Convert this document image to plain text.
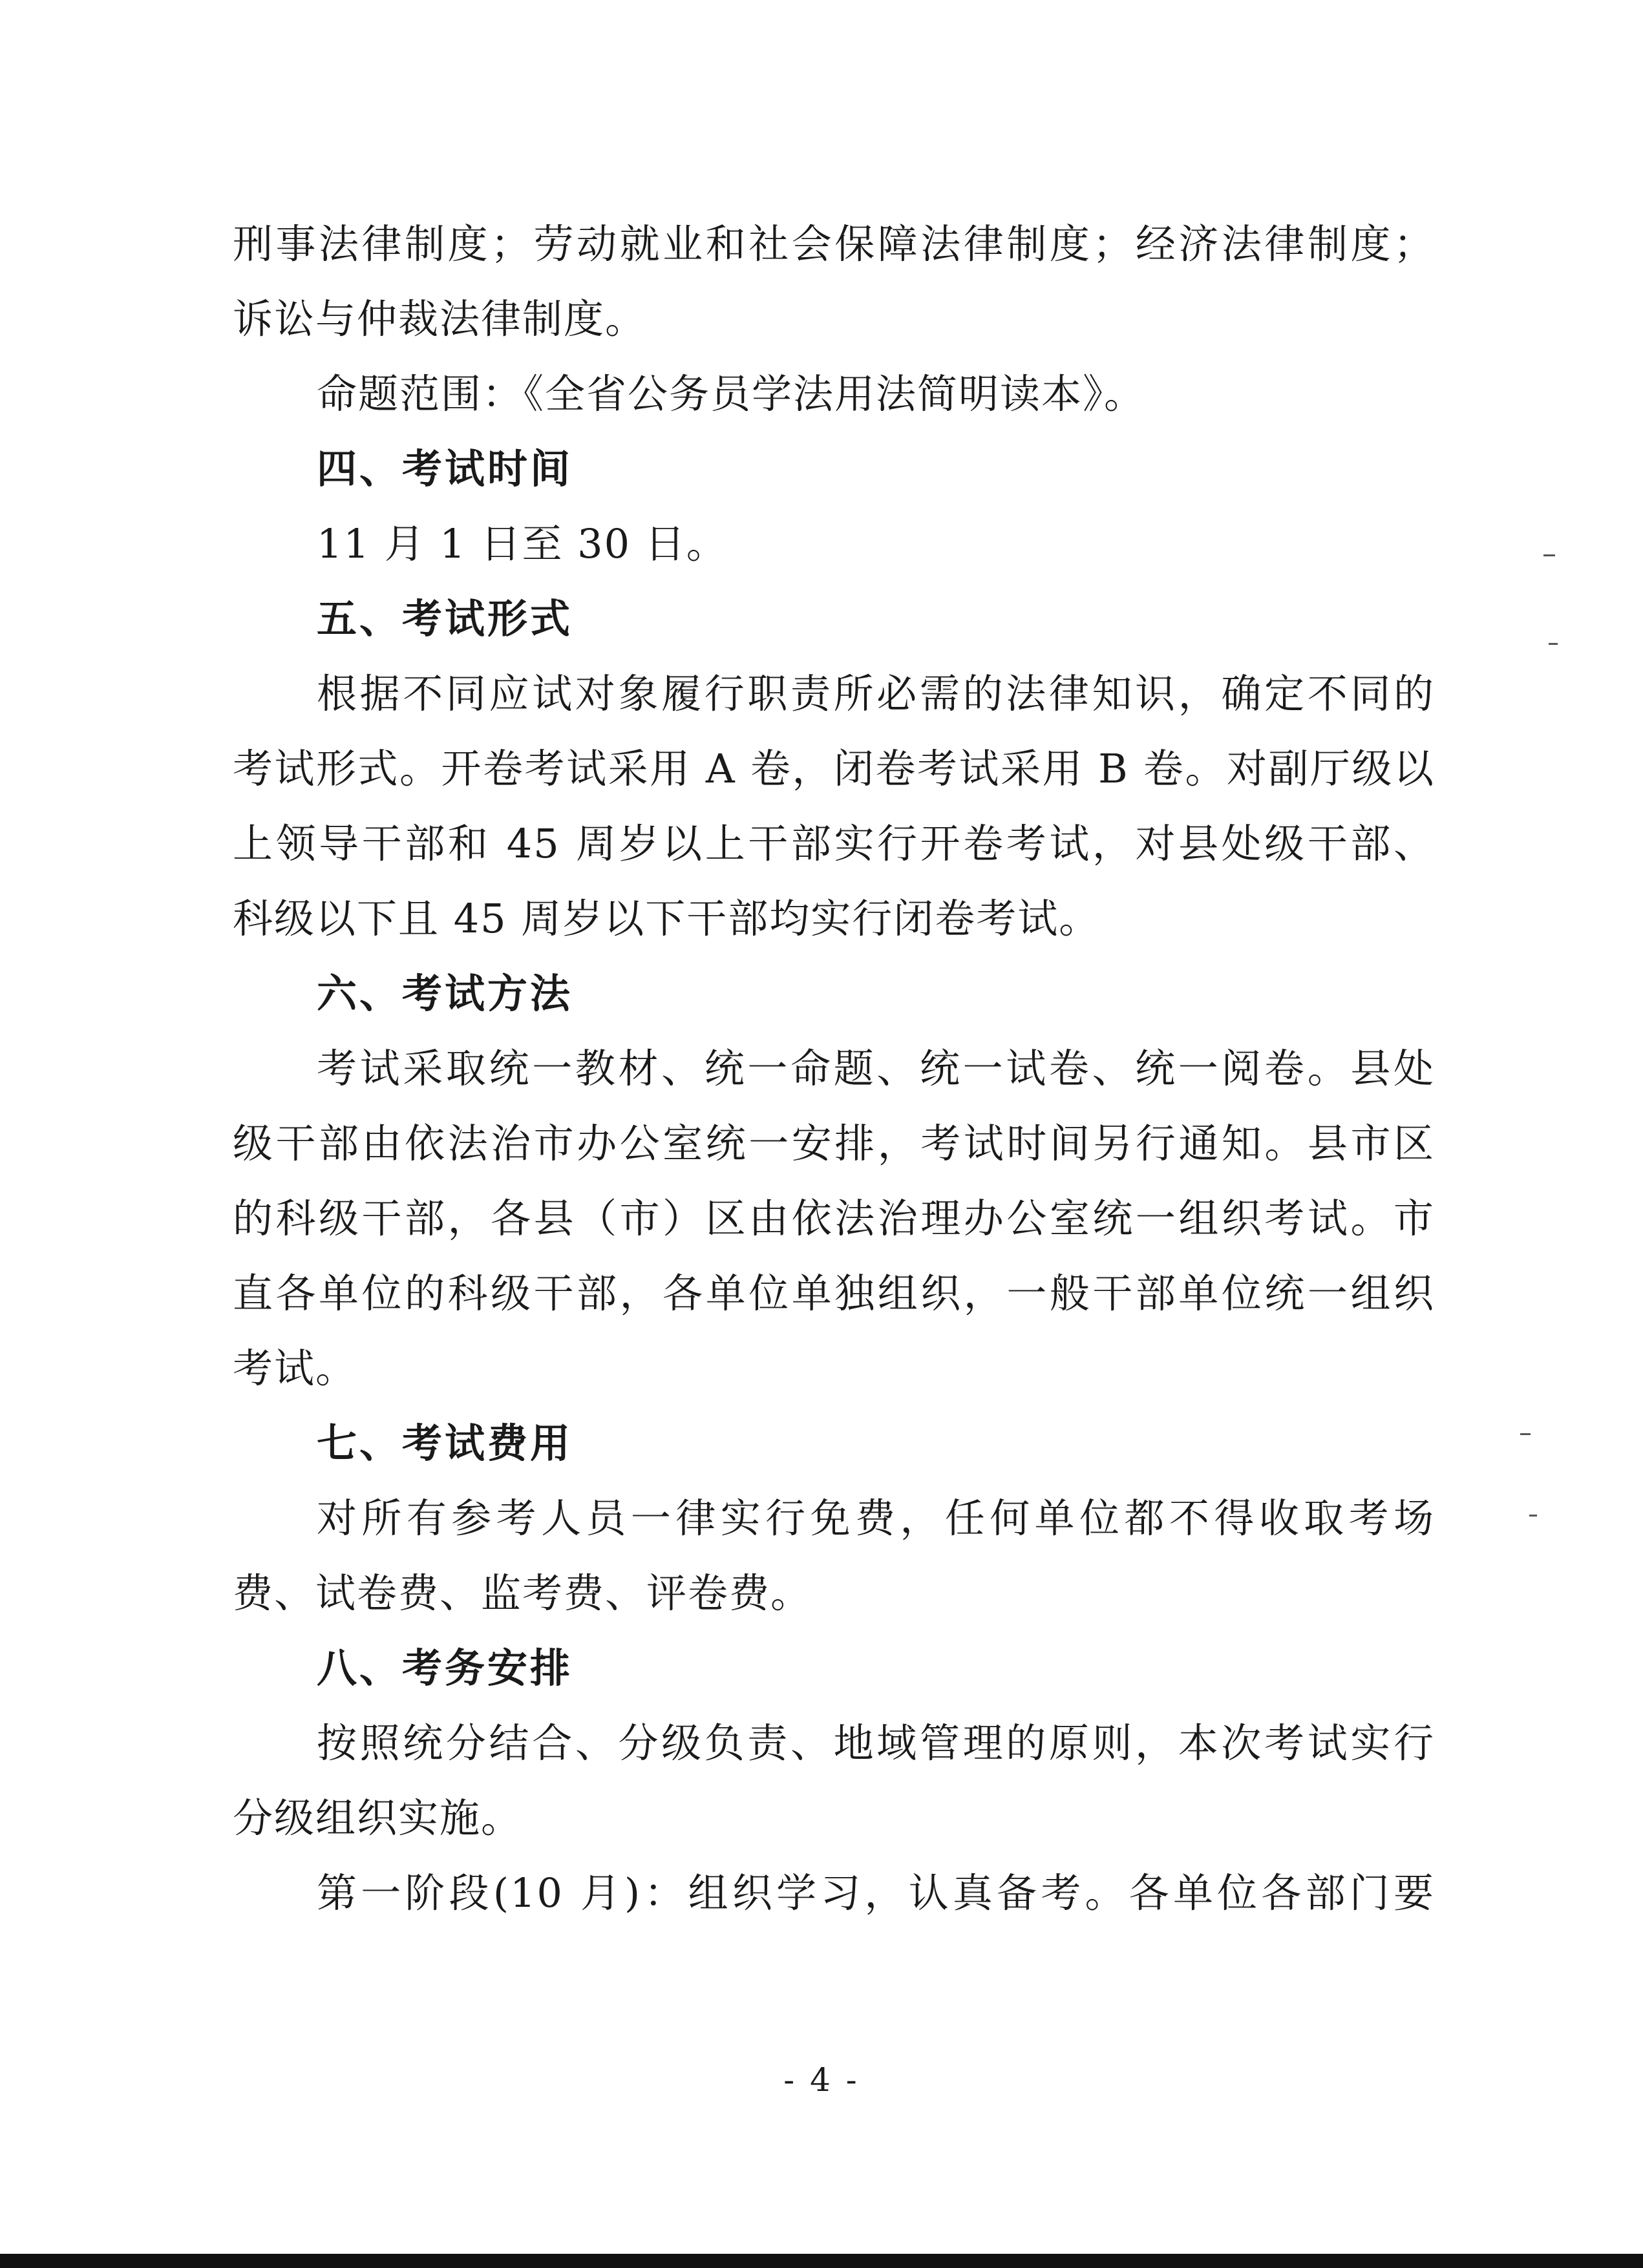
刑事法律制度；劳动就业和社会保障法律制度；经济法律制度；
诉讼与仲裁法律制度。
命题范围：《全省公务员学法用法简明读本》。
四、考试时间
11 月 1 日至 30 日。
五、考试形式
根据不同应试对象履行职责所必需的法律知识，确定不同的
考试形式。开卷考试采用 A 卷，闭卷考试采用 B 卷。对副厅级以
上领导干部和 45 周岁以上干部实行开卷考试，对县处级干部、
科级以下且 45 周岁以下干部均实行闭卷考试。
六、考试方法
考试采取统一教材、统一命题、统一试卷、统一阅卷。县处
级干部由依法治市办公室统一安排，考试时间另行通知。县市区
的科级干部，各县（市）区由依法治理办公室统一组织考试。市
直各单位的科级干部，各单位单独组织，一般干部单位统一组织
考试。
七、考试费用
对所有参考人员一律实行免费，任何单位都不得收取考场
费、试卷费、监考费、评卷费。
八、考务安排
按照统分结合、分级负责、地域管理的原则，本次考试实行
分级组织实施。
第一阶段(10 月)：组织学习，认真备考。各单位各部门要
- 4 -
